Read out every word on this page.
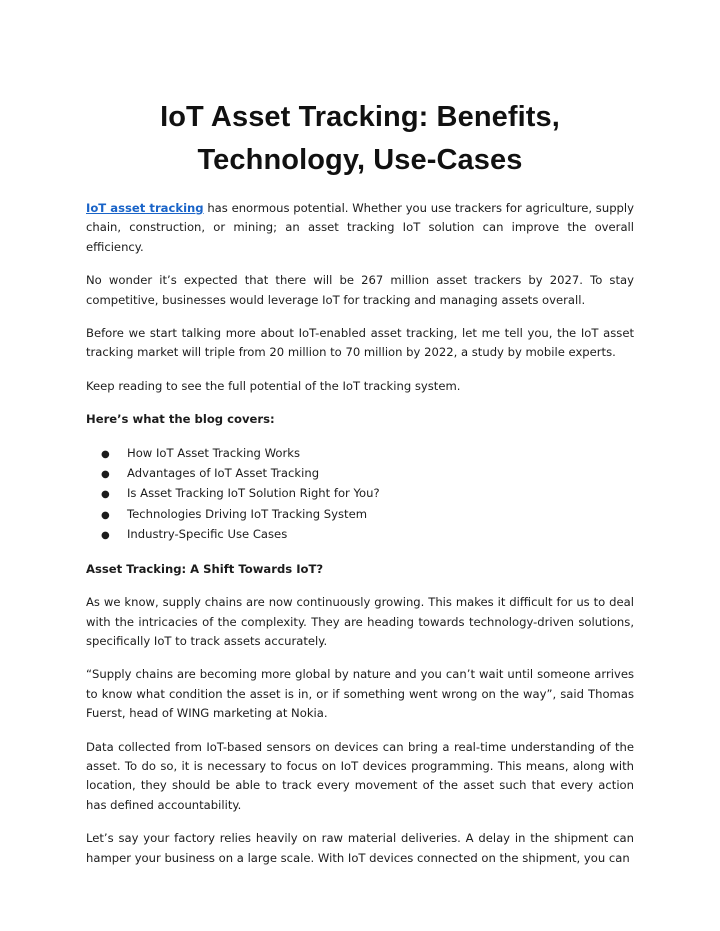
IoT Asset Tracking: Benefits,
Technology, Use-Cases

IoT asset tracking has enormous potential. Whether you use trackers for agriculture, supply chain, construction, or mining; an asset tracking IoT solution can improve the overall efficiency.

No wonder it’s expected that there will be 267 million asset trackers by 2027. To stay competitive, businesses would leverage IoT for tracking and managing assets overall.

Before we start talking more about IoT-enabled asset tracking, let me tell you, the IoT asset tracking market will triple from 20 million to 70 million by 2022, a study by mobile experts.

Keep reading to see the full potential of the IoT tracking system.

Here’s what the blog covers:

●	How IoT Asset Tracking Works
●	Advantages of IoT Asset Tracking
●	Is Asset Tracking IoT Solution Right for You?
●	Technologies Driving IoT Tracking System
●	Industry-Specific Use Cases

Asset Tracking: A Shift Towards IoT?

As we know, supply chains are now continuously growing. This makes it difficult for us to deal with the intricacies of the complexity. They are heading towards technology-driven solutions, specifically IoT to track assets accurately.

“Supply chains are becoming more global by nature and you can’t wait until someone arrives to know what condition the asset is in, or if something went wrong on the way”, said Thomas Fuerst, head of WING marketing at Nokia.

Data collected from IoT-based sensors on devices can bring a real-time understanding of the asset. To do so, it is necessary to focus on IoT devices programming. This means, along with location, they should be able to track every movement of the asset such that every action has defined accountability.

Let’s say your factory relies heavily on raw material deliveries. A delay in the shipment can hamper your business on a large scale. With IoT devices connected on the shipment, you can
